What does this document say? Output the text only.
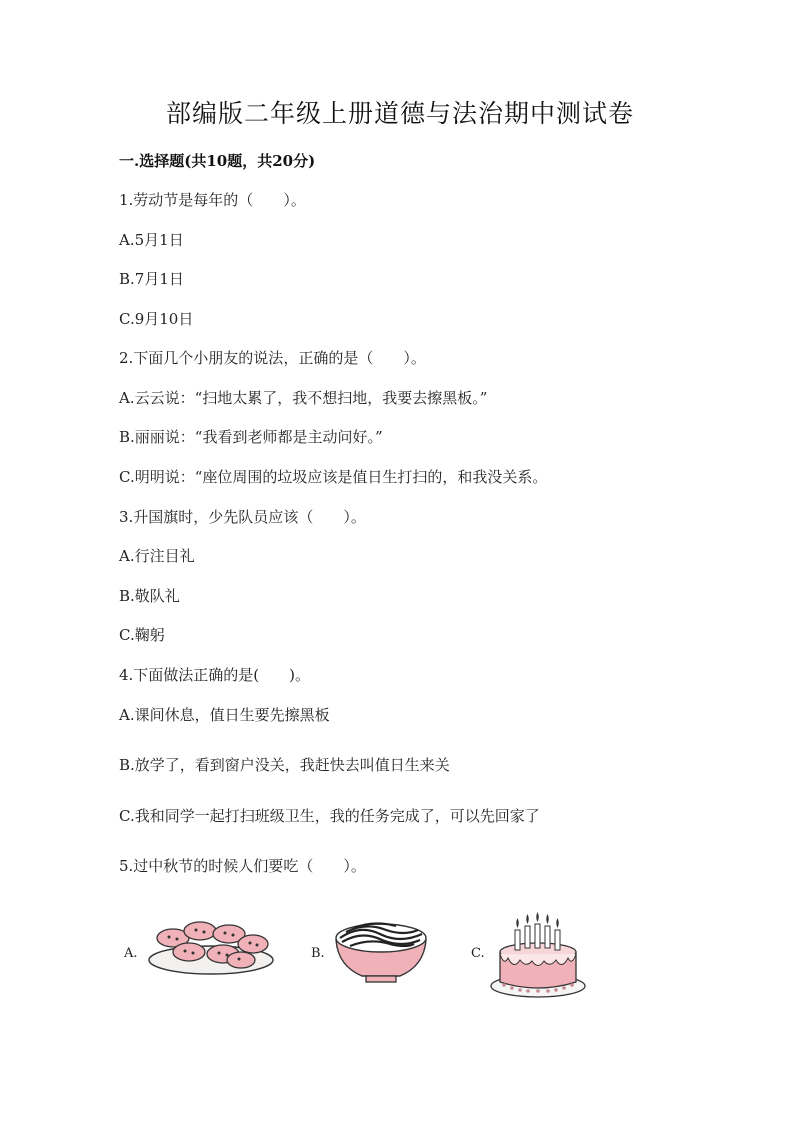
部编版二年级上册道德与法治期中测试卷
一.选择题(共10题，共20分)
1.劳动节是每年的（　　）。
A.5月1日
B.7月1日
C.9月10日
2.下面几个小朋友的说法，正确的是（　　）。
A.云云说：“扫地太累了，我不想扫地，我要去擦黑板。”
B.丽丽说：“我看到老师都是主动问好。”
C.明明说：“座位周围的垃圾应该是值日生打扫的，和我没关系。
3.升国旗时，少先队员应该（　　）。
A.行注目礼
B.敬队礼
C.鞠躬
4.下面做法正确的是(　　)。
A.课间休息，值日生要先擦黑板
B.放学了，看到窗户没关，我赶快去叫值日生来关
C.我和同学一起打扫班级卫生，我的任务完成了，可以先回家了
5.过中秋节的时候人们要吃（　　）。
A.	B.	C.
